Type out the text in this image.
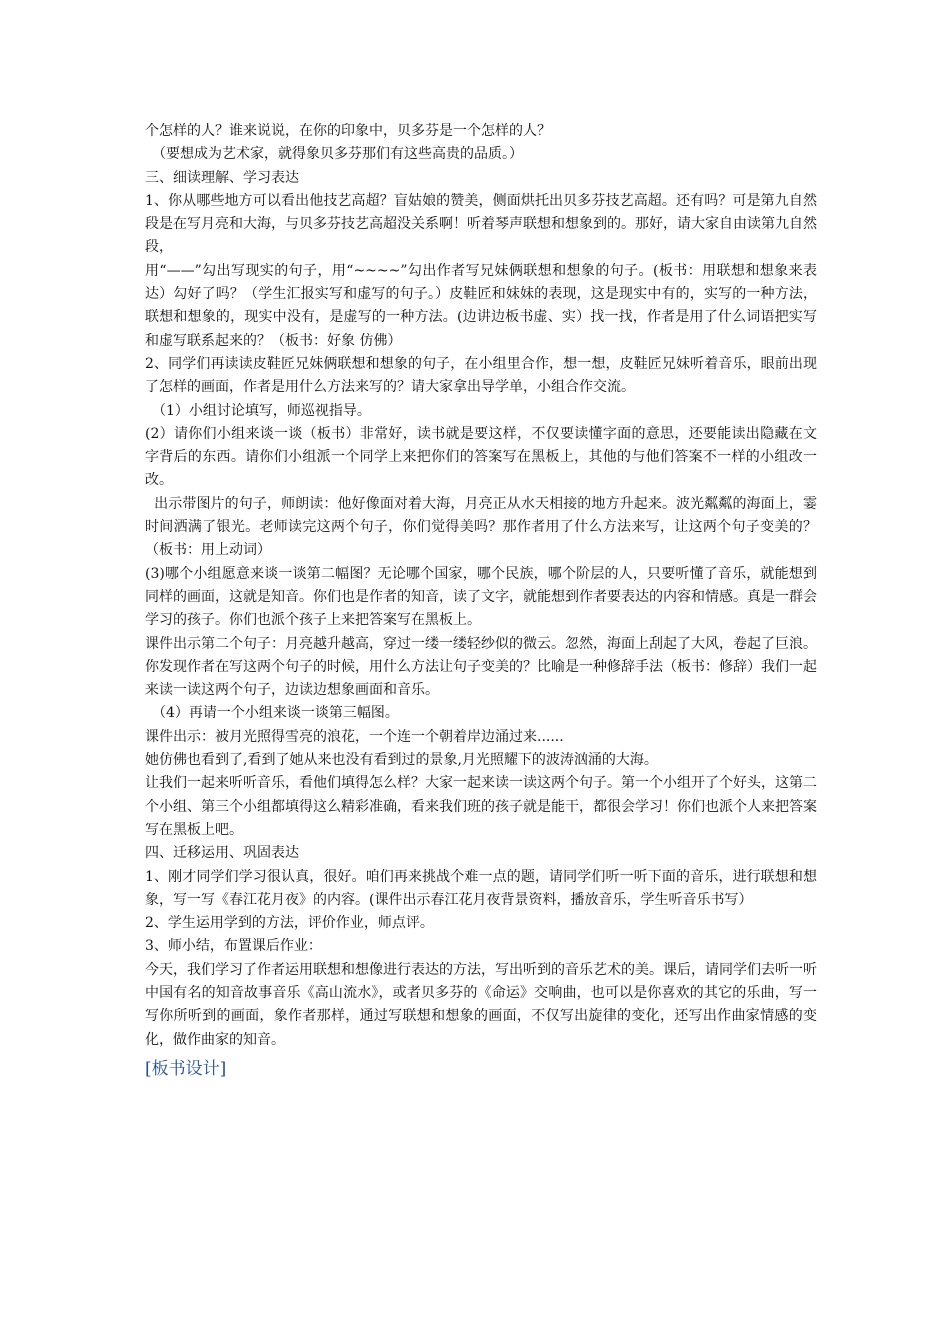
个怎样的人？谁来说说，在你的印象中，贝多芬是一个怎样的人？

（要想成为艺术家，就得象贝多芬那们有这些高贵的品质。）

三、细读理解、学习表达

1、你从哪些地方可以看出他技艺高超？盲姑娘的赞美，侧面烘托出贝多芬技艺高超。还有吗？可是第九自然段是在写月亮和大海，与贝多芬技艺高超没关系啊！听着琴声联想和想象到的。那好，请大家自由读第九自然段，

用“——”勾出写现实的句子，用“~~~~”勾出作者写兄妹俩联想和想象的句子。(板书：用联想和想象来表达）勾好了吗？（学生汇报实写和虚写的句子。）皮鞋匠和妹妹的表现，这是现实中有的，实写的一种方法，联想和想象的，现实中没有，是虚写的一种方法。(边讲边板书虚、实）找一找，作者是用了什么词语把实写和虚写联系起来的？（板书：好象 仿佛）

2、同学们再读读皮鞋匠兄妹俩联想和想象的句子，在小组里合作，想一想，皮鞋匠兄妹听着音乐，眼前出现了怎样的画面，作者是用什么方法来写的？请大家拿出导学单，小组合作交流。

（1）小组讨论填写，师巡视指导。

(2）请你们小组来谈一谈（板书）非常好，读书就是要这样，不仅要读懂字面的意思，还要能读出隐藏在文字背后的东西。请你们小组派一个同学上来把你们的答案写在黑板上，其他的与他们答案不一样的小组改一改。

出示带图片的句子，师朗读：他好像面对着大海，月亮正从水天相接的地方升起来。波光粼粼的海面上，霎时间洒满了银光。老师读完这两个句子，你们觉得美吗？那作者用了什么方法来写，让这两个句子变美的？（板书：用上动词）

(3)哪个小组愿意来谈一谈第二幅图？无论哪个国家，哪个民族，哪个阶层的人，只要听懂了音乐，就能想到同样的画面，这就是知音。你们也是作者的知音，读了文字，就能想到作者要表达的内容和情感。真是一群会学习的孩子。你们也派个孩子上来把答案写在黑板上。

课件出示第二个句子：月亮越升越高，穿过一缕一缕轻纱似的微云。忽然，海面上刮起了大风，卷起了巨浪。你发现作者在写这两个句子的时候，用什么方法让句子变美的？比喻是一种修辞手法（板书：修辞）我们一起来读一读这两个句子，边读边想象画面和音乐。

（4）再请一个小组来谈一谈第三幅图。

课件出示：被月光照得雪亮的浪花，一个连一个朝着岸边涌过来......

她仿佛也看到了,看到了她从来也没有看到过的景象,月光照耀下的波涛汹涌的大海。

让我们一起来听听音乐，看他们填得怎么样？大家一起来读一读这两个句子。第一个小组开了个好头，这第二个小组、第三个小组都填得这么精彩准确，看来我们班的孩子就是能干，都很会学习！你们也派个人来把答案写在黑板上吧。

四、迁移运用、巩固表达

1、刚才同学们学习很认真，很好。咱们再来挑战个难一点的题，请同学们听一听下面的音乐，进行联想和想象，写一写《春江花月夜》的内容。(课件出示春江花月夜背景资料，播放音乐，学生听音乐书写）

2、学生运用学到的方法，评价作业，师点评。

3、师小结，布置课后作业：

今天，我们学习了作者运用联想和想像进行表达的方法，写出听到的音乐艺术的美。课后，请同学们去听一听中国有名的知音故事音乐《高山流水》，或者贝多芬的《命运》交响曲，也可以是你喜欢的其它的乐曲，写一写你所听到的画面，象作者那样，通过写联想和想象的画面，不仅写出旋律的变化，还写出作曲家情感的变化，做作曲家的知音。

[板书设计]
